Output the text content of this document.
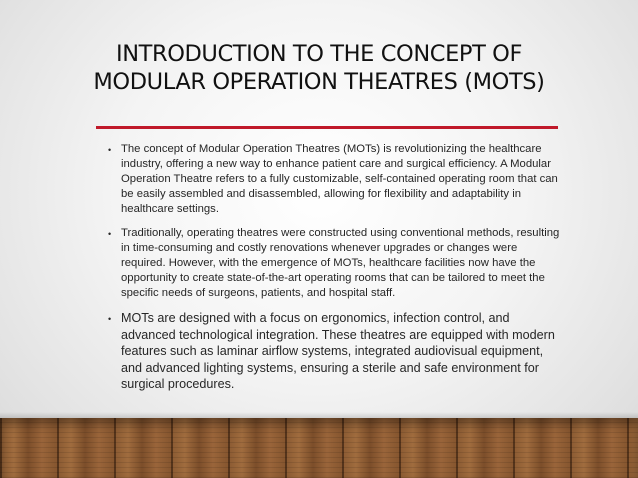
INTRODUCTION TO THE CONCEPT OF
MODULAR OPERATION THEATRES (MOTS)
• The concept of Modular Operation Theatres (MOTs) is revolutionizing the healthcare industry, offering a new way to enhance patient care and surgical efficiency. A Modular Operation Theatre refers to a fully customizable, self-contained operating room that can be easily assembled and disassembled, allowing for flexibility and adaptability in healthcare settings.
• Traditionally, operating theatres were constructed using conventional methods, resulting in time-consuming and costly renovations whenever upgrades or changes were required. However, with the emergence of MOTs, healthcare facilities now have the opportunity to create state-of-the-art operating rooms that can be tailored to meet the specific needs of surgeons, patients, and hospital staff.
• MOTs are designed with a focus on ergonomics, infection control, and advanced technological integration. These theatres are equipped with modern features such as laminar airflow systems, integrated audiovisual equipment, and advanced lighting systems, ensuring a sterile and safe environment for surgical procedures.
